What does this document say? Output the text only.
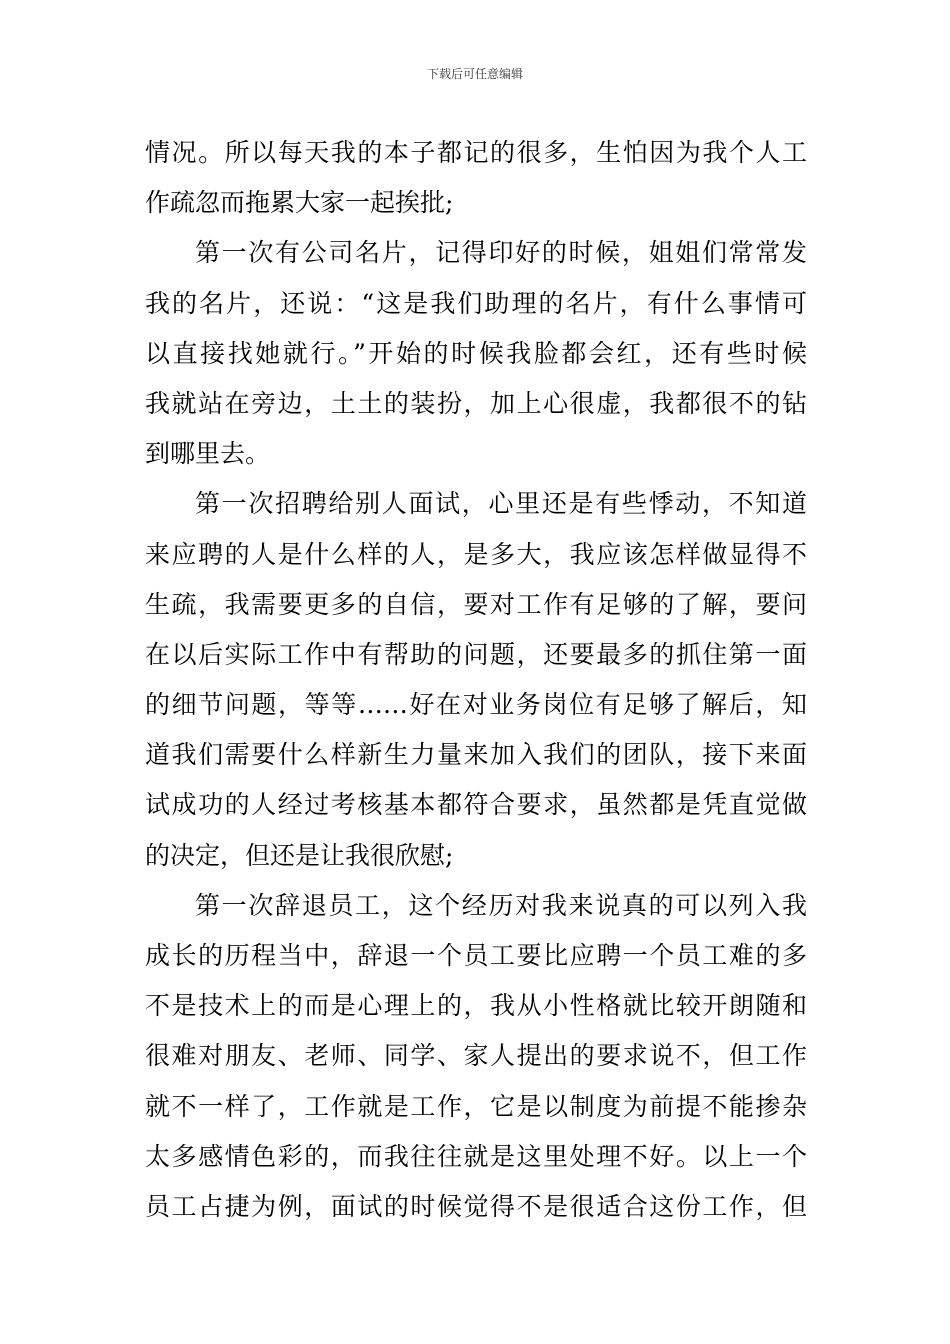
下载后可任意编辑
情况。所以每天我的本子都记的很多，生怕因为我个人工
作疏忽而拖累大家一起挨批;
第一次有公司名片，记得印好的时候，姐姐们常常发
我的名片，还说：“这是我们助理的名片，有什么事情可
以直接找她就行。”开始的时候我脸都会红，还有些时候
我就站在旁边，土土的装扮，加上心很虚，我都很不的钻
到哪里去。
第一次招聘给别人面试，心里还是有些悸动，不知道
来应聘的人是什么样的人，是多大，我应该怎样做显得不
生疏，我需要更多的自信，要对工作有足够的了解，要问
在以后实际工作中有帮助的问题，还要最多的抓住第一面
的细节问题，等等……好在对业务岗位有足够了解后，知
道我们需要什么样新生力量来加入我们的团队，接下来面
试成功的人经过考核基本都符合要求，虽然都是凭直觉做
的决定，但还是让我很欣慰;
第一次辞退员工，这个经历对我来说真的可以列入我
成长的历程当中，辞退一个员工要比应聘一个员工难的多
不是技术上的而是心理上的，我从小性格就比较开朗随和
很难对朋友、老师、同学、家人提出的要求说不，但工作
就不一样了，工作就是工作，它是以制度为前提不能掺杂
太多感情色彩的，而我往往就是这里处理不好。以上一个
员工占捷为例，面试的时候觉得不是很适合这份工作，但
